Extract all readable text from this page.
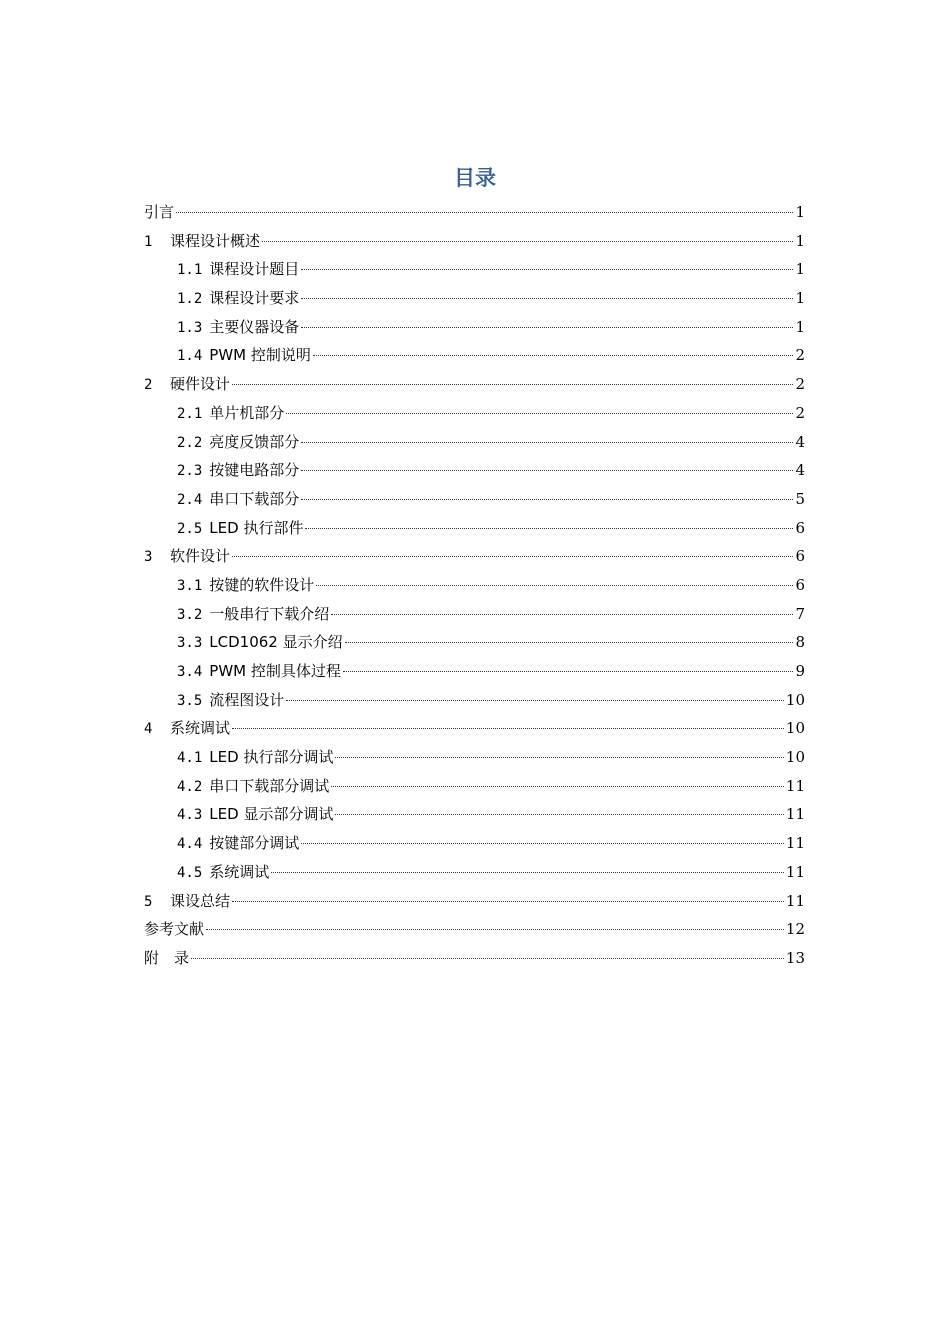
目录
引言	1
1 课程设计概述	1
1.1 课程设计题目	1
1.2 课程设计要求	1
1.3 主要仪器设备	1
1.4 PWM 控制说明	2
2 硬件设计	2
2.1 单片机部分	2
2.2 亮度反馈部分	4
2.3 按键电路部分	4
2.4 串口下载部分	5
2.5 LED 执行部件	6
3 软件设计	6
3.1 按键的软件设计	6
3.2 一般串行下载介绍	7
3.3 LCD1062 显示介绍	8
3.4 PWM 控制具体过程	9
3.5 流程图设计	10
4 系统调试	10
4.1 LED 执行部分调试	10
4.2 串口下载部分调试	11
4.3 LED 显示部分调试	11
4.4 按键部分调试	11
4.5 系统调试	11
5 课设总结	11
参考文献	12
附　录	13
